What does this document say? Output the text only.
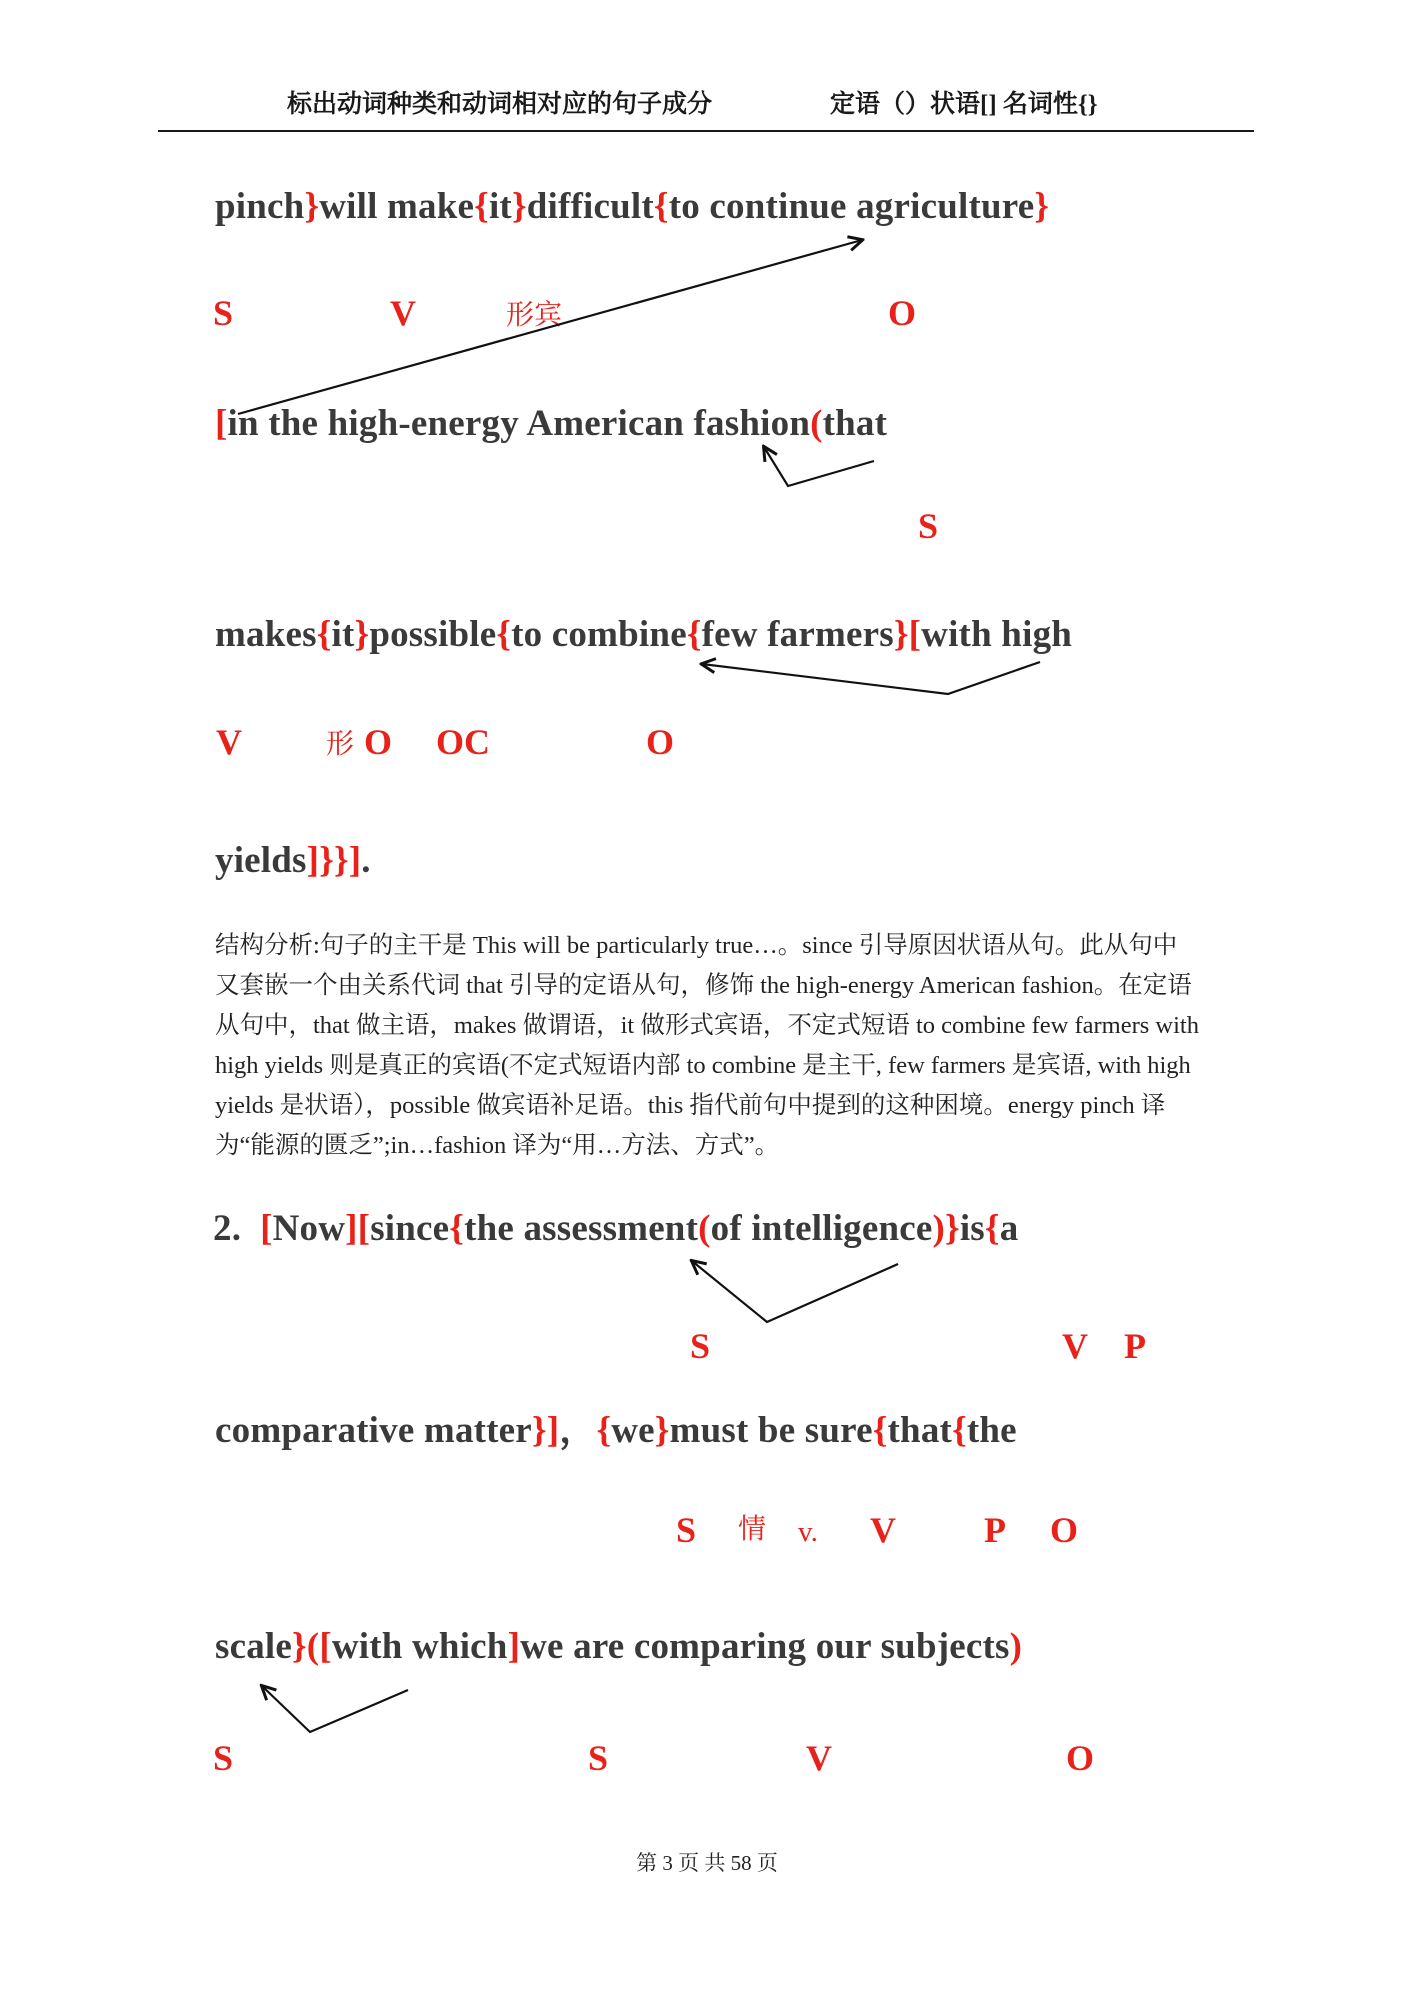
标出动词种类和动词相对应的句子成分	定语（）状语[] 名词性{}
pinch}will make{it}difficult{to continue agriculture}
S	V	形宾	O
[in the high-energy American fashion(that
S
makes{it}possible{to combine{few farmers}[with high
V	形 O OC	O
yields]}}].
结构分析:句子的主干是 This will be particularly true…。since 引导原因状语从句。此从句中
又套嵌一个由关系代词 that 引导的定语从句，修饰 the high-energy American fashion。在定语
从句中，that 做主语，makes 做谓语，it 做形式宾语，不定式短语 to combine few farmers with
high yields 则是真正的宾语(不定式短语内部 to combine 是主干, few farmers 是宾语, with high
yields 是状语），possible 做宾语补足语。this 指代前句中提到的这种困境。energy pinch 译
为“能源的匮乏”;in…fashion 译为“用…方法、方式”。
2.  [Now][since{the assessment(of intelligence)}is{a
S	V P
comparative matter}]，{we}must be sure{that{the
S 情 v. V P O
scale}([with which]we are comparing our subjects)
S	S	V	O
第 3 页 共 58 页
